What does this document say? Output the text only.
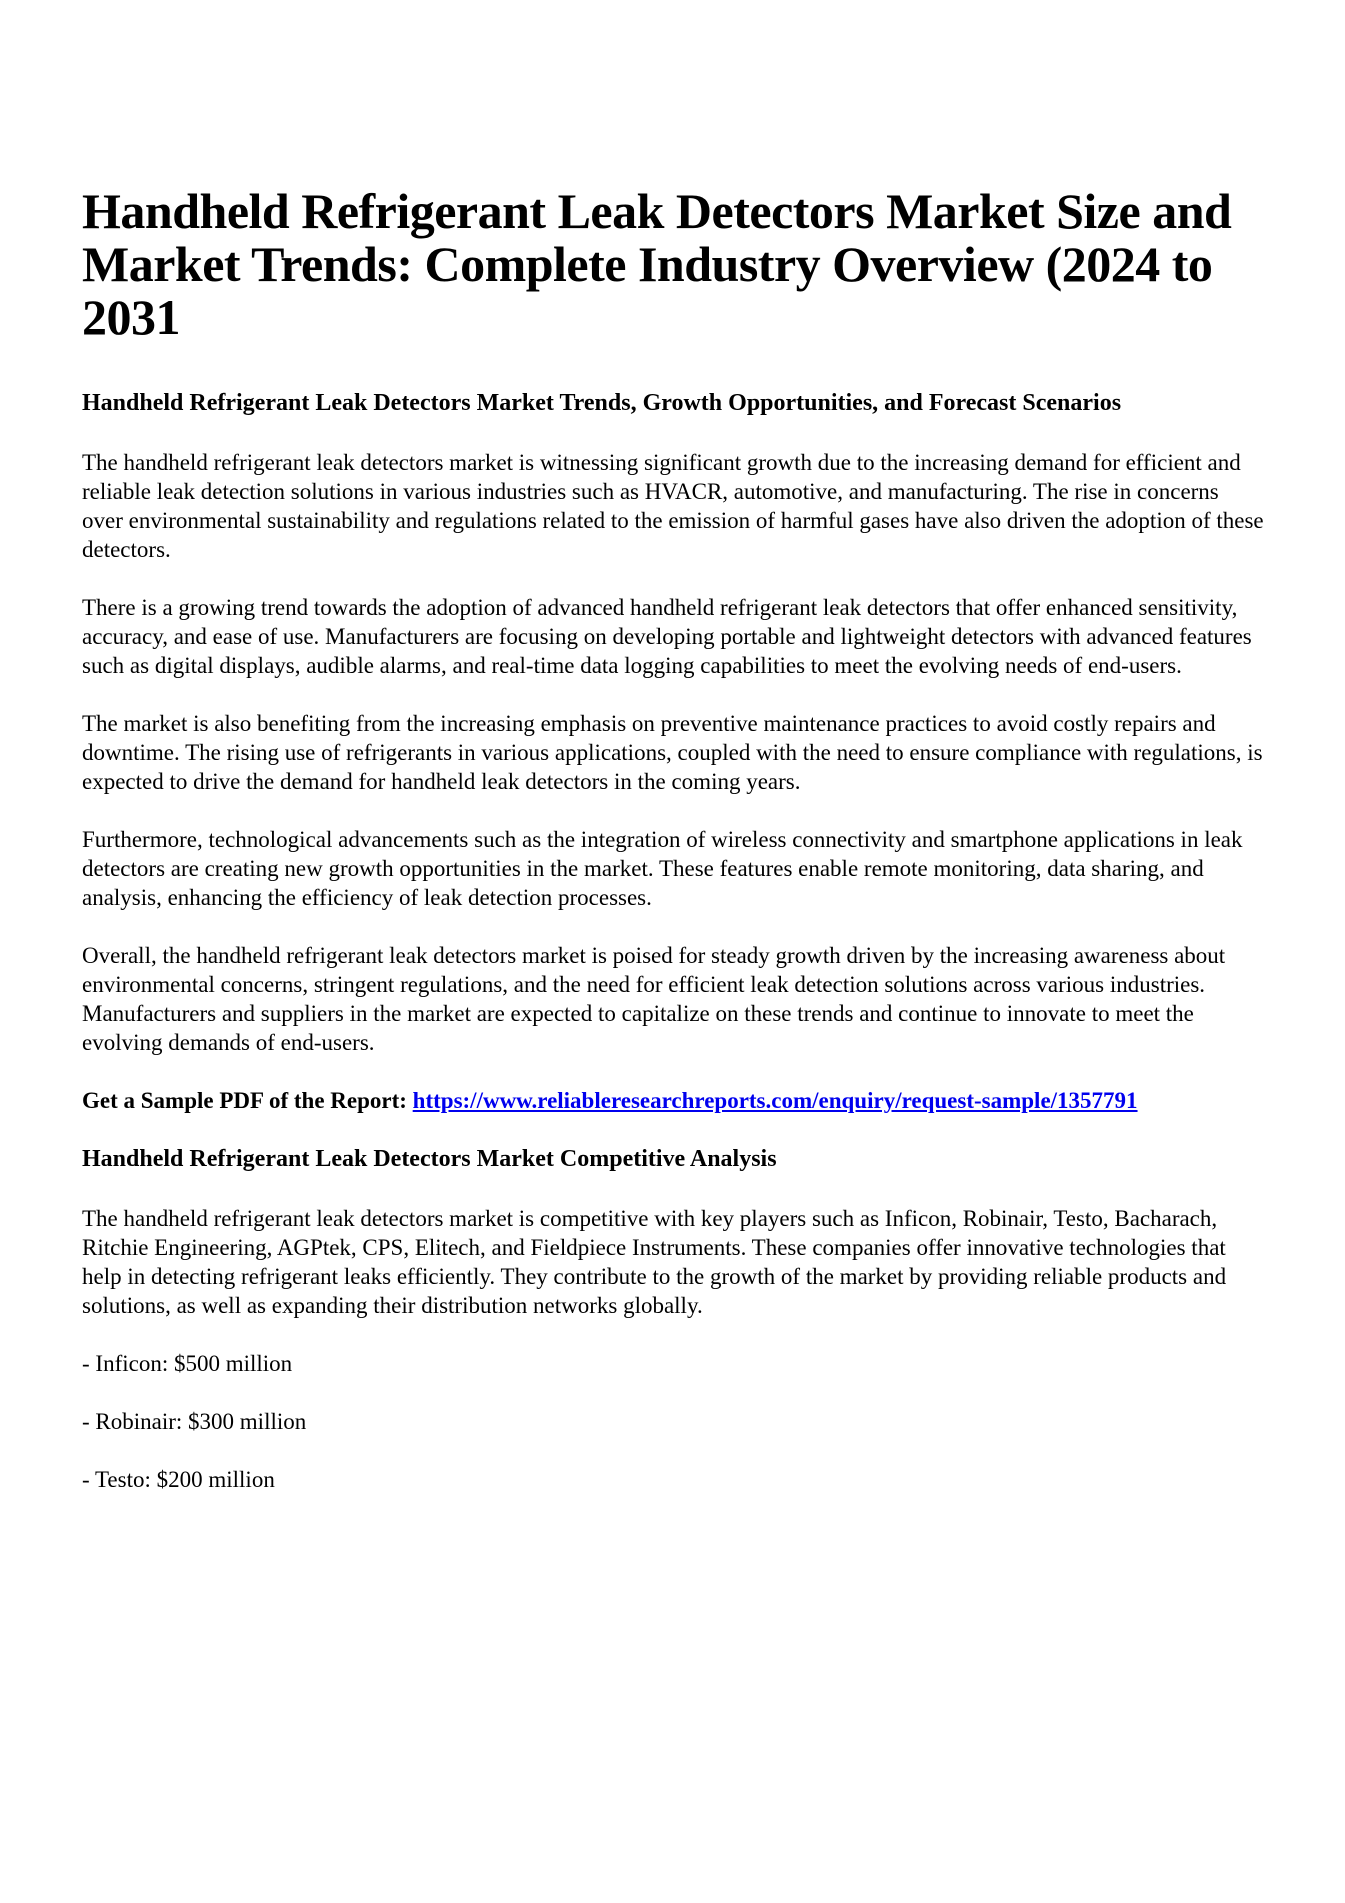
Handheld Refrigerant Leak Detectors Market Size and Market Trends: Complete Industry Overview (2024 to 2031
Handheld Refrigerant Leak Detectors Market Trends, Growth Opportunities, and Forecast Scenarios

The handheld refrigerant leak detectors market is witnessing significant growth due to the increasing demand for efficient and reliable leak detection solutions in various industries such as HVACR, automotive, and manufacturing. The rise in concerns over environmental sustainability and regulations related to the emission of harmful gases have also driven the adoption of these detectors.

There is a growing trend towards the adoption of advanced handheld refrigerant leak detectors that offer enhanced sensitivity, accuracy, and ease of use. Manufacturers are focusing on developing portable and lightweight detectors with advanced features such as digital displays, audible alarms, and real-time data logging capabilities to meet the evolving needs of end-users.

The market is also benefiting from the increasing emphasis on preventive maintenance practices to avoid costly repairs and downtime. The rising use of refrigerants in various applications, coupled with the need to ensure compliance with regulations, is expected to drive the demand for handheld leak detectors in the coming years.

Furthermore, technological advancements such as the integration of wireless connectivity and smartphone applications in leak detectors are creating new growth opportunities in the market. These features enable remote monitoring, data sharing, and analysis, enhancing the efficiency of leak detection processes.

Overall, the handheld refrigerant leak detectors market is poised for steady growth driven by the increasing awareness about environmental concerns, stringent regulations, and the need for efficient leak detection solutions across various industries. Manufacturers and suppliers in the market are expected to capitalize on these trends and continue to innovate to meet the evolving demands of end-users.

Get a Sample PDF of the Report: https://www.reliableresearchreports.com/enquiry/request-sample/1357791

Handheld Refrigerant Leak Detectors Market Competitive Analysis

The handheld refrigerant leak detectors market is competitive with key players such as Inficon, Robinair, Testo, Bacharach, Ritchie Engineering, AGPtek, CPS, Elitech, and Fieldpiece Instruments. These companies offer innovative technologies that help in detecting refrigerant leaks efficiently. They contribute to the growth of the market by providing reliable products and solutions, as well as expanding their distribution networks globally.

- Inficon: $500 million

- Robinair: $300 million

- Testo: $200 million
